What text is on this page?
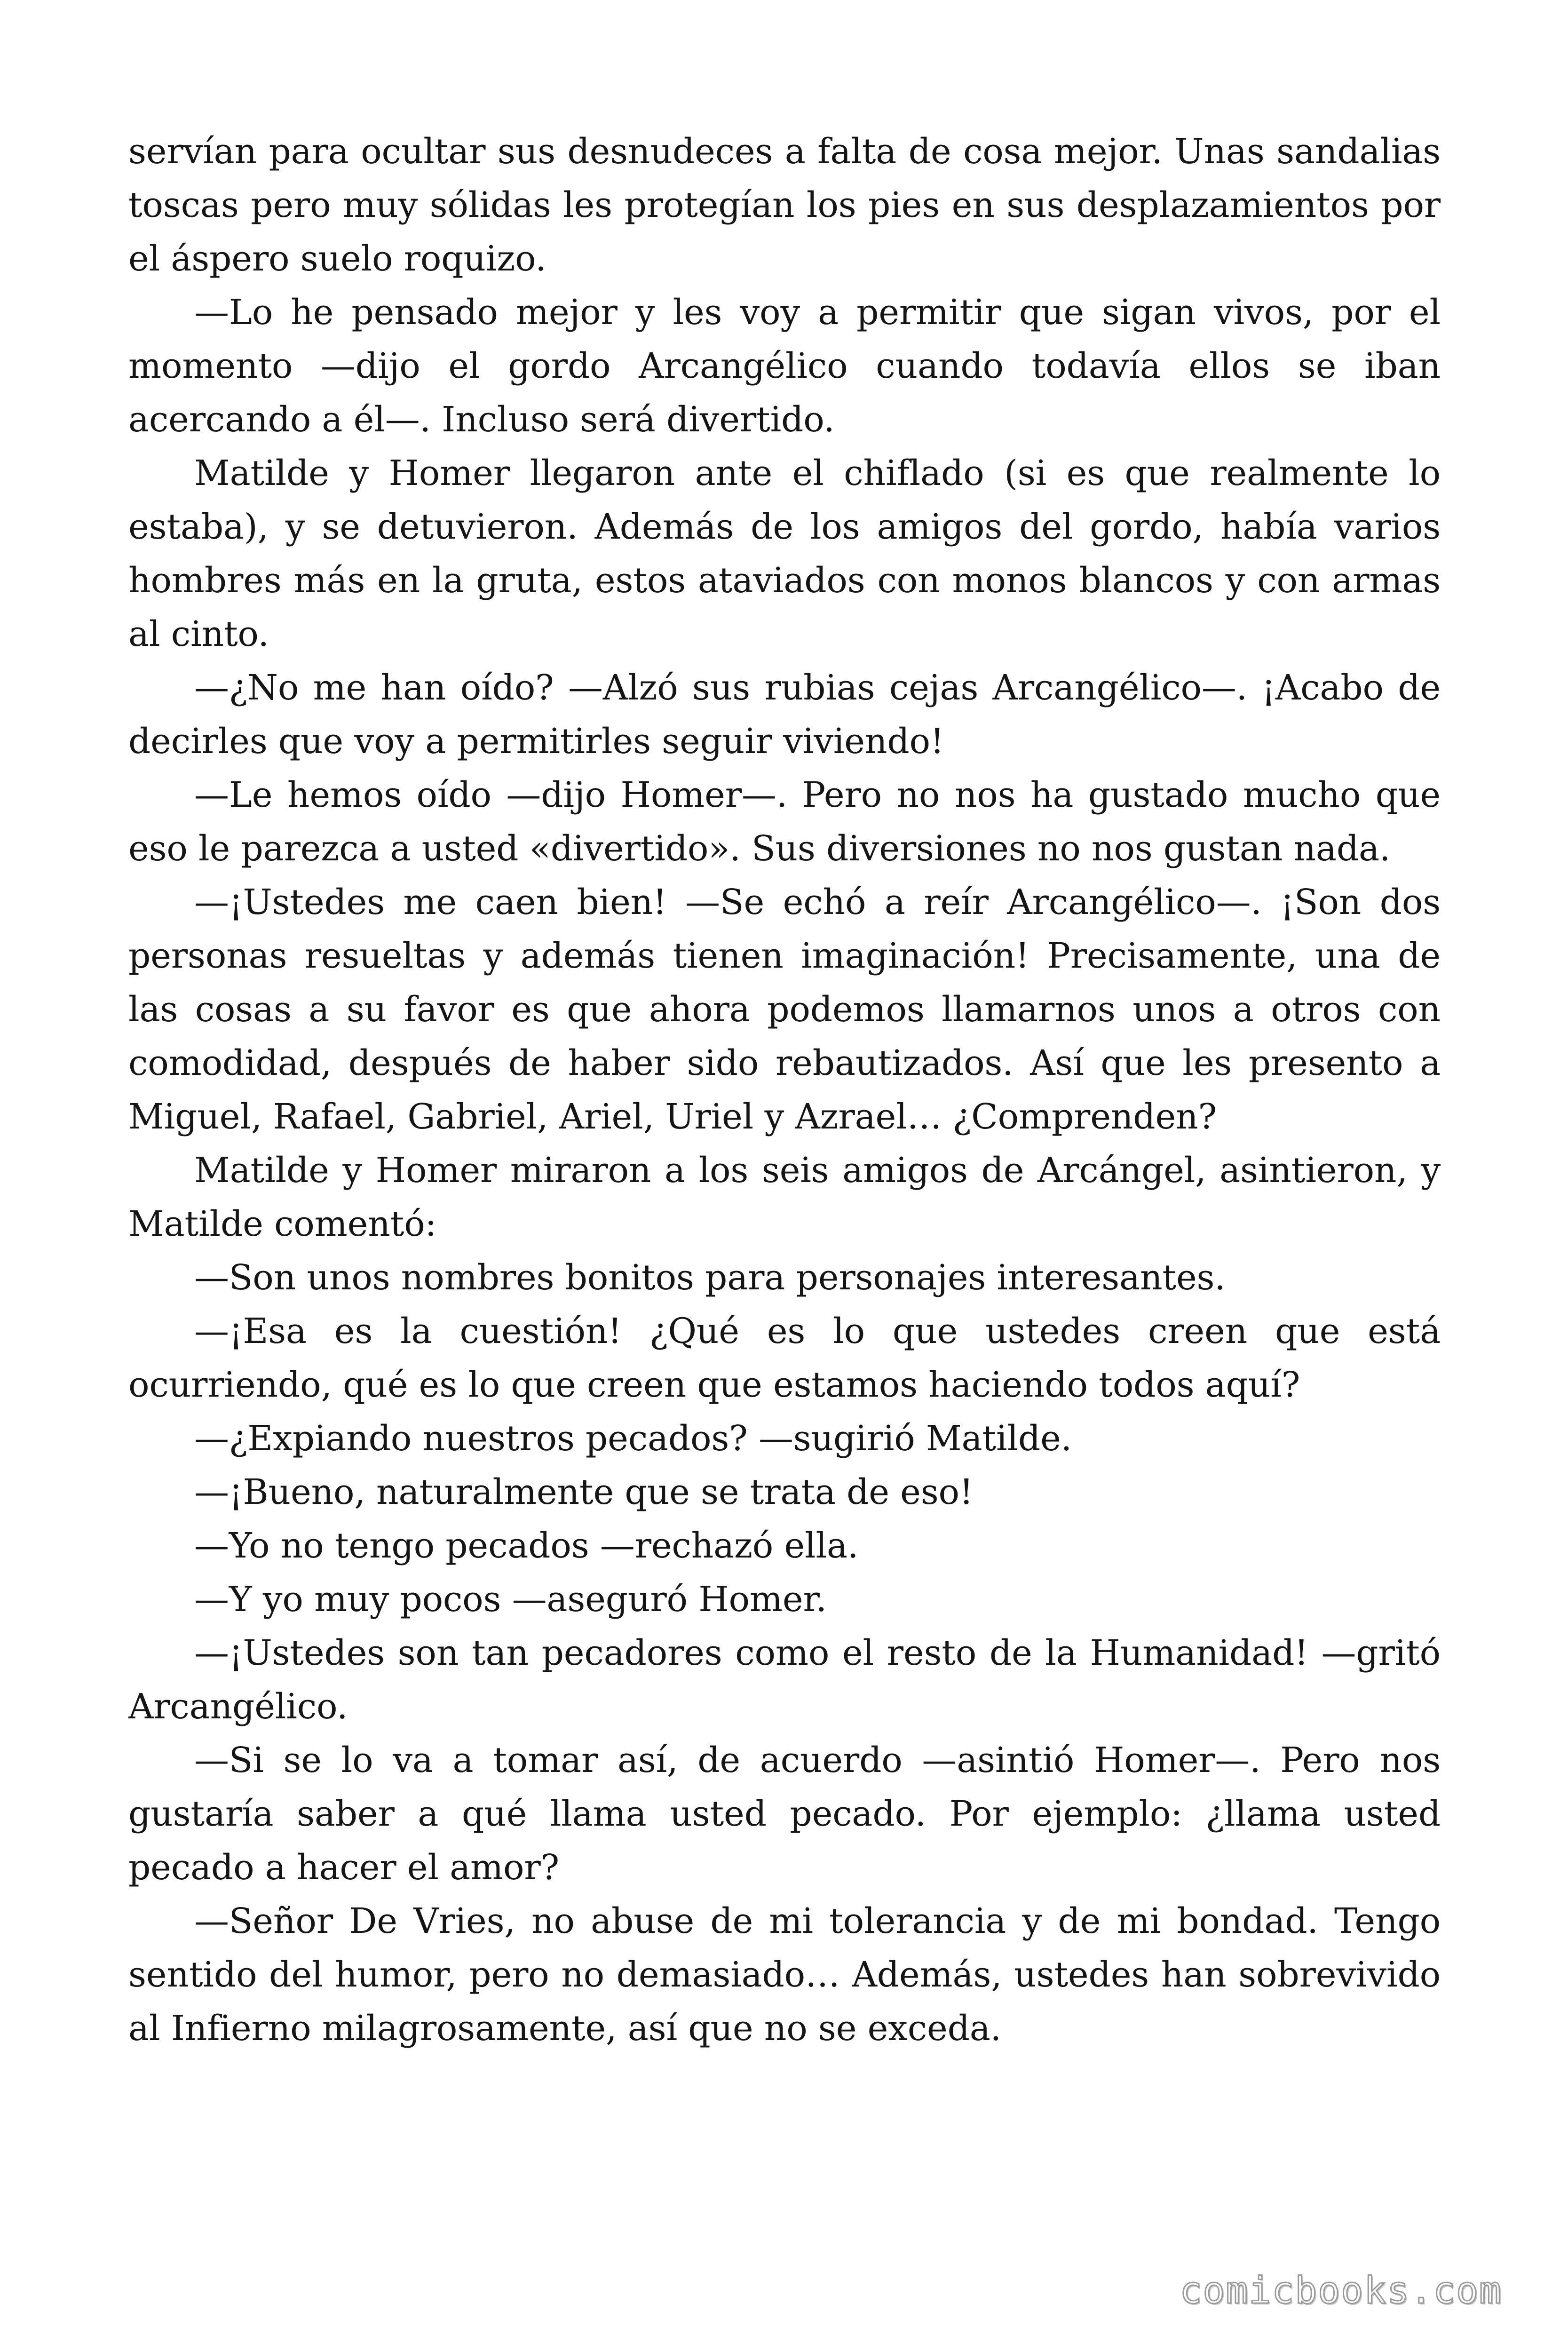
servían para ocultar sus desnudeces a falta de cosa mejor. Unas sandalias toscas pero muy sólidas les protegían los pies en sus desplazamientos por el áspero suelo roquizo.

—Lo he pensado mejor y les voy a permitir que sigan vivos, por el momento —dijo el gordo Arcangélico cuando todavía ellos se iban acercando a él—. Incluso será divertido.

Matilde y Homer llegaron ante el chiflado (si es que realmente lo estaba), y se detuvieron. Además de los amigos del gordo, había varios hombres más en la gruta, estos ataviados con monos blancos y con armas al cinto.

—¿No me han oído? —Alzó sus rubias cejas Arcangélico—. ¡Acabo de decirles que voy a permitirles seguir viviendo!

—Le hemos oído —dijo Homer—. Pero no nos ha gustado mucho que eso le parezca a usted «divertido». Sus diversiones no nos gustan nada.

—¡Ustedes me caen bien! —Se echó a reír Arcangélico—. ¡Son dos personas resueltas y además tienen imaginación! Precisamente, una de las cosas a su favor es que ahora podemos llamarnos unos a otros con comodidad, después de haber sido rebautizados. Así que les presento a Miguel, Rafael, Gabriel, Ariel, Uriel y Azrael… ¿Comprenden?

Matilde y Homer miraron a los seis amigos de Arcángel, asintieron, y Matilde comentó:

—Son unos nombres bonitos para personajes interesantes.

—¡Esa es la cuestión! ¿Qué es lo que ustedes creen que está ocurriendo, qué es lo que creen que estamos haciendo todos aquí?

—¿Expiando nuestros pecados? —sugirió Matilde.

—¡Bueno, naturalmente que se trata de eso!

—Yo no tengo pecados —rechazó ella.

—Y yo muy pocos —aseguró Homer.

—¡Ustedes son tan pecadores como el resto de la Humanidad! —gritó Arcangélico.

—Si se lo va a tomar así, de acuerdo —asintió Homer—. Pero nos gustaría saber a qué llama usted pecado. Por ejemplo: ¿llama usted pecado a hacer el amor?

—Señor De Vries, no abuse de mi tolerancia y de mi bondad. Tengo sentido del humor, pero no demasiado… Además, ustedes han sobrevivido al Infierno milagrosamente, así que no se exceda.

comicbooks.com
